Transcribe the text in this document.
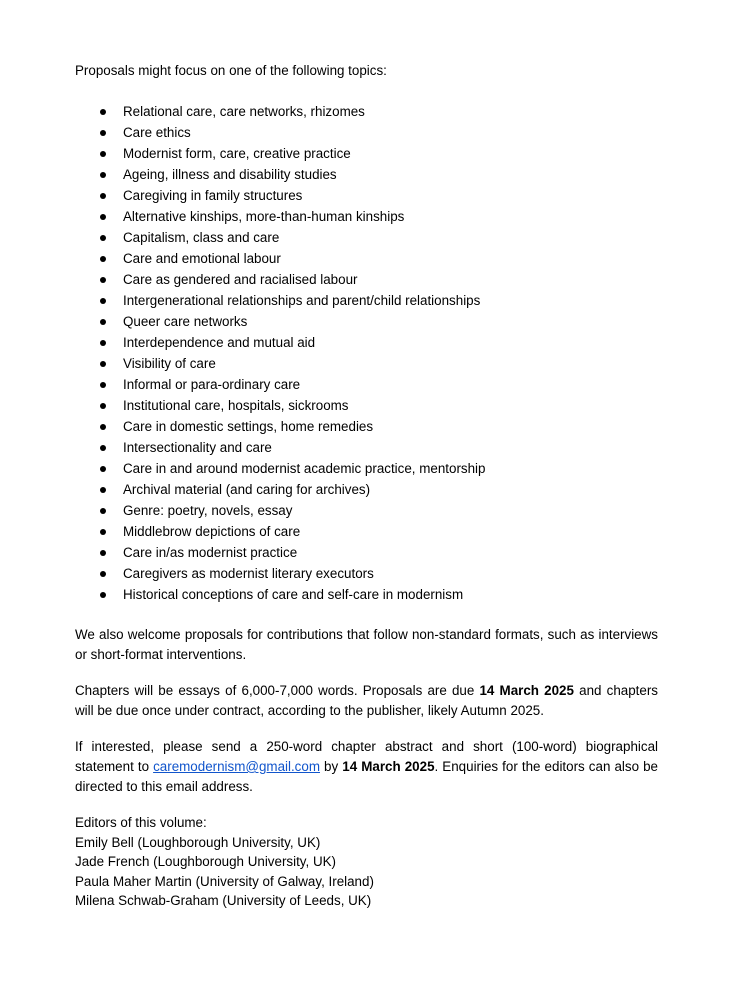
Proposals might focus on one of the following topics:

Relational care, care networks, rhizomes
Care ethics
Modernist form, care, creative practice
Ageing, illness and disability studies
Caregiving in family structures
Alternative kinships, more-than-human kinships
Capitalism, class and care
Care and emotional labour
Care as gendered and racialised labour
Intergenerational relationships and parent/child relationships
Queer care networks
Interdependence and mutual aid
Visibility of care
Informal or para-ordinary care
Institutional care, hospitals, sickrooms
Care in domestic settings, home remedies
Intersectionality and care
Care in and around modernist academic practice, mentorship
Archival material (and caring for archives)
Genre: poetry, novels, essay
Middlebrow depictions of care
Care in/as modernist practice
Caregivers as modernist literary executors
Historical conceptions of care and self-care in modernism

We also welcome proposals for contributions that follow non-standard formats, such as interviews or short-format interventions.

Chapters will be essays of 6,000-7,000 words. Proposals are due 14 March 2025 and chapters will be due once under contract, according to the publisher, likely Autumn 2025.

If interested, please send a 250-word chapter abstract and short (100-word) biographical statement to caremodernism@gmail.com by 14 March 2025. Enquiries for the editors can also be directed to this email address.

Editors of this volume:
Emily Bell (Loughborough University, UK)
Jade French (Loughborough University, UK)
Paula Maher Martin (University of Galway, Ireland)
Milena Schwab-Graham (University of Leeds, UK)
